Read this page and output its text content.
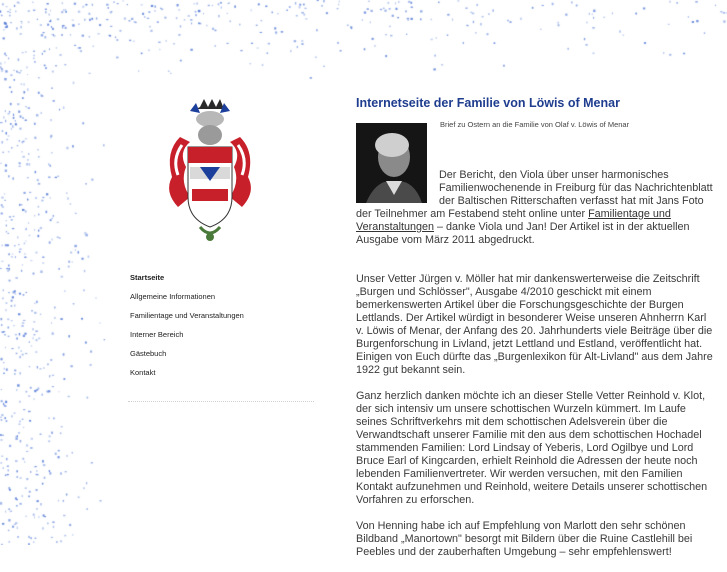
Startseite
Allgemeine Informationen
Familientage und Veranstaltungen
Interner Bereich
Gästebuch
Kontakt
Internetseite der Familie von Löwis of Menar
Brief zu Ostern an die Familie von Olaf v. Löwis of Menar

Der Bericht, den Viola über unser harmonisches Familienwochenende in Freiburg für das Nachrichtenblatt der Baltischen Ritterschaften verfasst hat mit Jans Foto der Teilnehmer am Festabend steht online unter Familientage und Veranstaltungen – danke Viola und Jan! Der Artikel ist in der aktuellen Ausgabe vom März 2011 abgedruckt.

Unser Vetter Jürgen v. Möller hat mir dankenswerterweise die Zeitschrift „Burgen und Schlösser", Ausgabe 4/2010 geschickt mit einem bemerkenswerten Artikel über die Forschungsgeschichte der Burgen Lettlands. Der Artikel würdigt in besonderer Weise unseren Ahnherrn Karl v. Löwis of Menar, der Anfang des 20. Jahrhunderts viele Beiträge über die Burgenforschung in Livland, jetzt Lettland und Estland, veröffentlicht hat. Einigen von Euch dürfte das „Burgenlexikon für Alt-Livland" aus dem Jahre 1922 gut bekannt sein.

Ganz herzlich danken möchte ich an dieser Stelle Vetter Reinhold v. Klot, der sich intensiv um unsere schottischen Wurzeln kümmert. Im Laufe seines Schriftverkehrs mit dem schottischen Adelsverein über die Verwandtschaft unserer Familie mit den aus dem schottischen Hochadel stammenden Familien: Lord Lindsay of Yeberis, Lord Ogilbye und Lord Bruce Earl of Kingcarden, erhielt Reinhold die Adressen der heute noch lebenden Familienvertreter. Wir werden versuchen, mit den Familien Kontakt aufzunehmen und Reinhold, weitere Details unserer schottischen Vorfahren zu erforschen.

Von Henning habe ich auf Empfehlung von Marlott den sehr schönen Bildband „Manortown" besorgt mit Bildern über die Ruine Castlehill bei Peebles und der zauberhaften Umgebung – sehr empfehlenswert!
